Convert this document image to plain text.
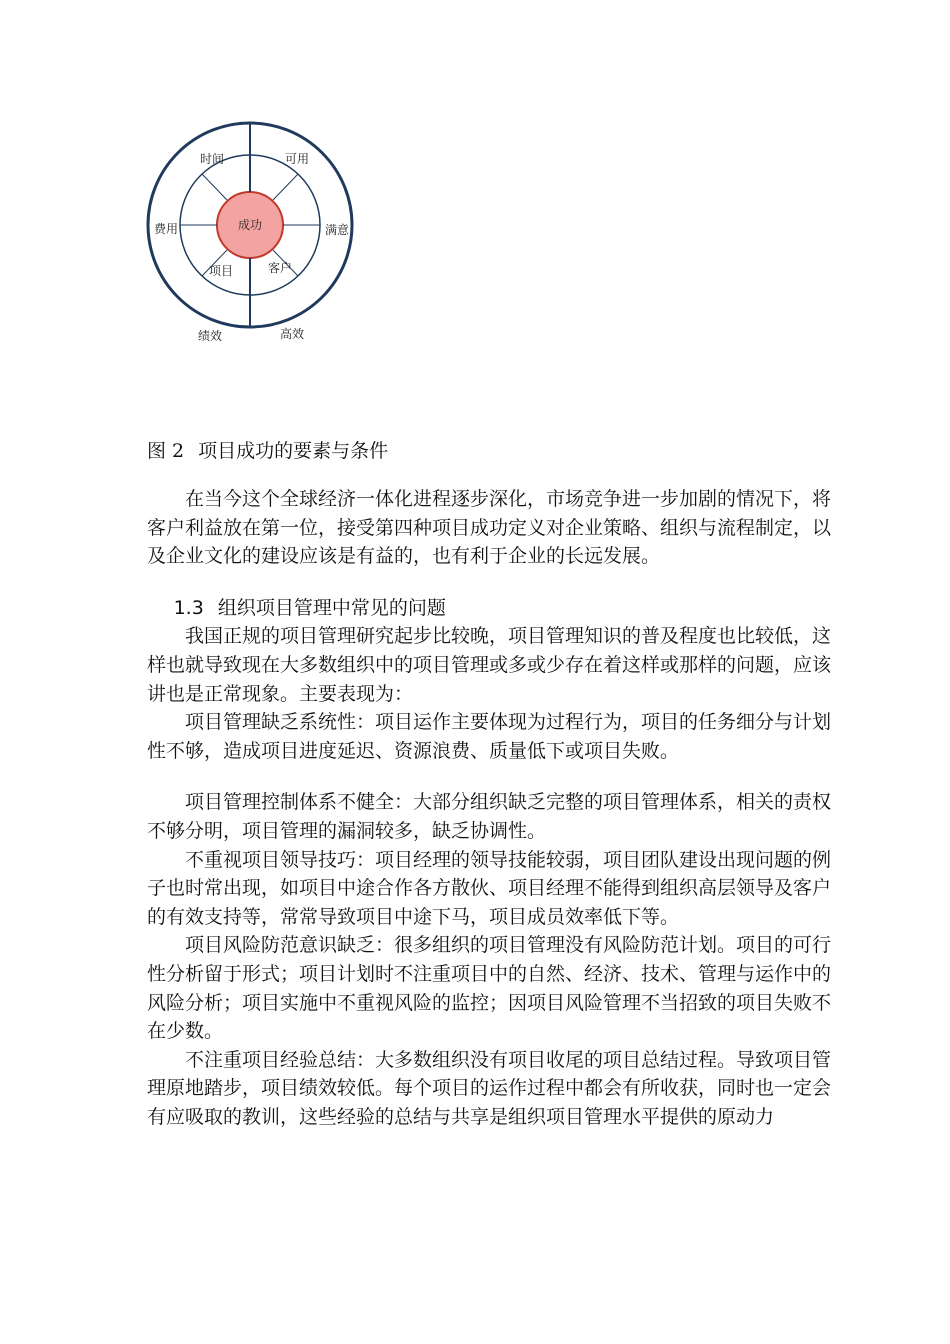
成功
时间	可用
满意
客户
项目
费用
绩效	高效
图 2 项目成功的要素与条件

在当今这个全球经济一体化进程逐步深化，市场竞争进一步加剧的情况下，将客户利益放在第一位，接受第四种项目成功定义对企业策略、组织与流程制定，以及企业文化的建设应该是有益的，也有利于企业的长远发展。

1.3 组织项目管理中常见的问题

我国正规的项目管理研究起步比较晚，项目管理知识的普及程度也比较低，这样也就导致现在大多数组织中的项目管理或多或少存在着这样或那样的问题，应该讲也是正常现象。主要表现为：

项目管理缺乏系统性：项目运作主要体现为过程行为，项目的任务细分与计划性不够，造成项目进度延迟、资源浪费、质量低下或项目失败。

项目管理控制体系不健全：大部分组织缺乏完整的项目管理体系，相关的责权不够分明，项目管理的漏洞较多，缺乏协调性。

不重视项目领导技巧：项目经理的领导技能较弱，项目团队建设出现问题的例子也时常出现，如项目中途合作各方散伙、项目经理不能得到组织高层领导及客户的有效支持等，常常导致项目中途下马，项目成员效率低下等。

项目风险防范意识缺乏：很多组织的项目管理没有风险防范计划。项目的可行性分析留于形式；项目计划时不注重项目中的自然、经济、技术、管理与运作中的风险分析；项目实施中不重视风险的监控；因项目风险管理不当招致的项目失败不在少数。

不注重项目经验总结：大多数组织没有项目收尾的项目总结过程。导致项目管理原地踏步，项目绩效较低。每个项目的运作过程中都会有所收获，同时也一定会有应吸取的教训，这些经验的总结与共享是组织项目管理水平提供的原动力
